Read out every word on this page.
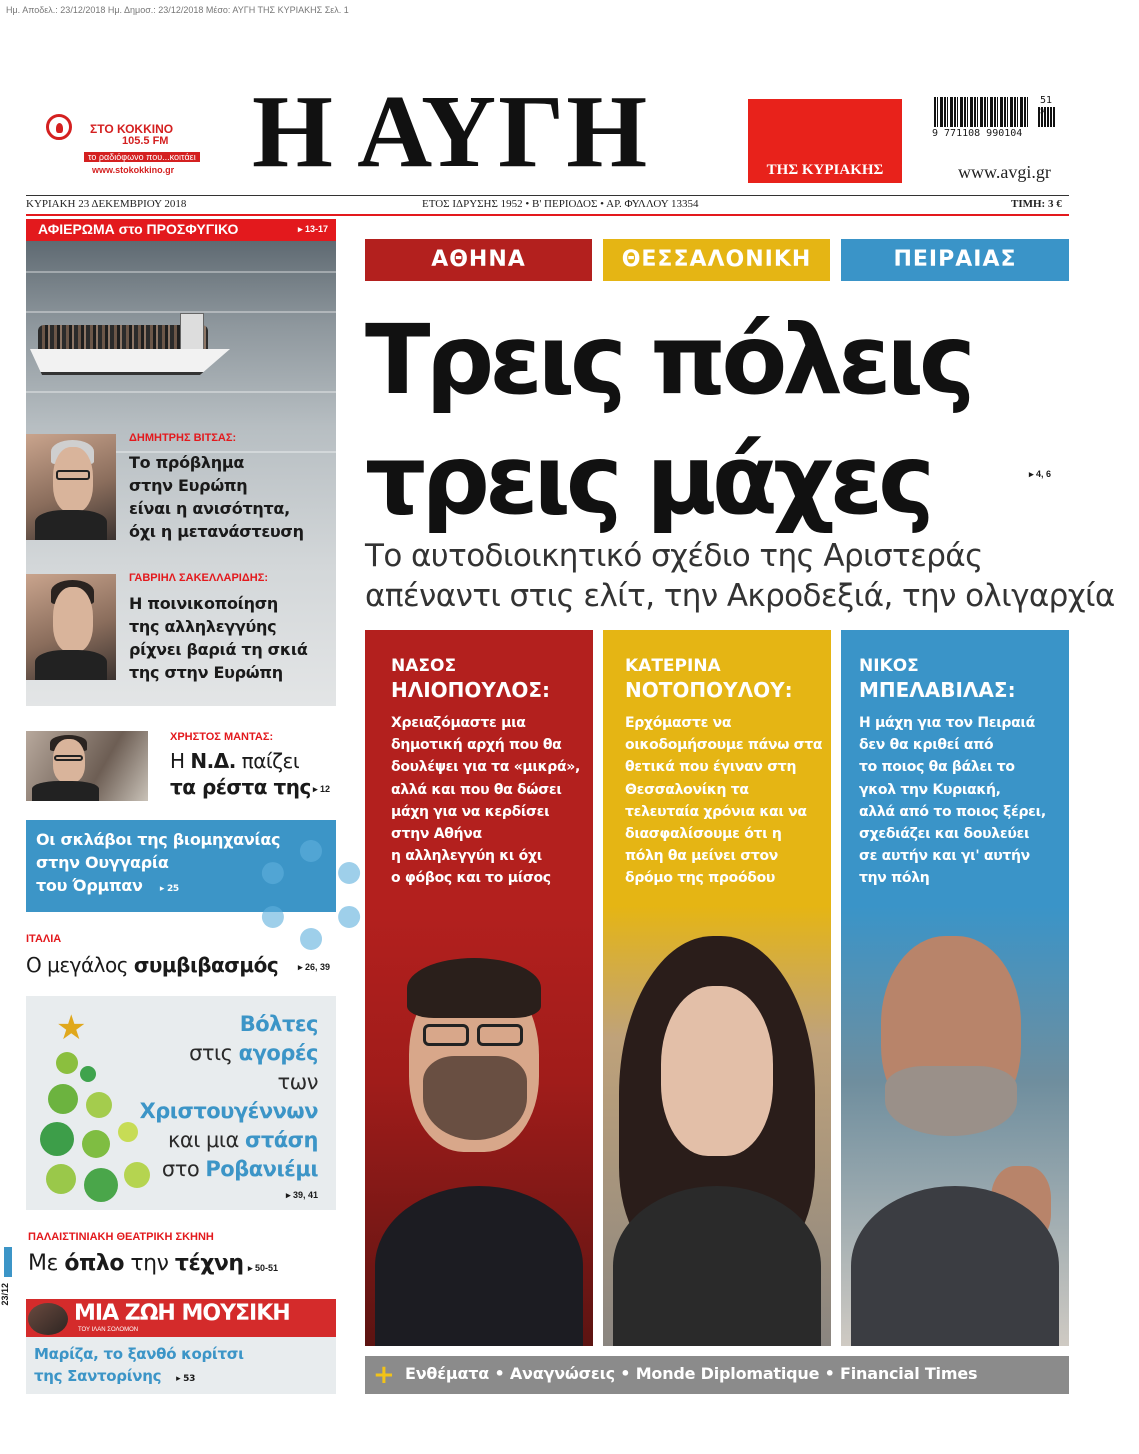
Ημ. Αποδελ.: 23/12/2018 Ημ. Δημοσ.: 23/12/2018 Μέσο: ΑΥΓΗ ΤΗΣ ΚΥΡΙΑΚΗΣ Σελ. 1
ΣΤΟ ΚΟΚΚΙΝΟ
105.5 FM
το ραδιόφωνο που...κοιτάει
www.stokokkino.gr Η ΑΥΓΗ	ΤΗΣ ΚΥΡΙΑΚΗΣ
9 771108 990104
51 >
www.avgi.gr
ΚΥΡΙΑΚΗ 23 ΔΕΚΕΜΒΡΙΟΥ 2018	ΕΤΟΣ ΙΔΡΥΣΗΣ 1952 • Β' ΠΕΡΙΟΔΟΣ • ΑΡ. ΦΥΛΛΟΥ 13354	ΤΙΜΗ: 3 €
ΑΦΙΕΡΩΜΑ στο ΠΡΟΣΦΥΓΙΚΟ	▸ 13-17
ΔΗΜΗΤΡΗΣ ΒΙΤΣΑΣ:
Το πρόβλημα
στην Ευρώπη
είναι η ανισότητα,
όχι η μετανάστευση
ΓΑΒΡΙΗΛ ΣΑΚΕΛΛΑΡΙΔΗΣ:
Η ποινικοποίηση
της αλληλεγγύης
ρίχνει βαριά τη σκιά
της στην Ευρώπη
ΧΡΗΣΤΟΣ ΜΑΝΤΑΣ:
Η Ν.Δ. παίζει
τα ρέστα της ▸ 12
Οι σκλάβοι της βιομηχανίας
στην Ουγγαρία
του Όρμπαν ▸ 25
ΙΤΑΛΙΑ
Ο μεγάλος συμβιβασμός ▸ 26, 39
★	Βόλτες
στις αγορές
των
Χριστουγέννων
και μια στάση
στο Ροβανιέμι
▸ 39, 41
ΠΑΛΑΙΣΤΙΝΙΑΚΗ ΘΕΑΤΡΙΚΗ ΣΚΗΝΗ
Με όπλο την τέχνη ▸ 50-51
ΜΙΑ ΖΩΗ ΜΟΥΣΙΚΗ
ΤΟΥ ΙΛΑΝ ΣΟΛΟΜΟΝ
Μαρίζα, το ξανθό κορίτσι
της Σαντορίνης ▸ 53
23/12
ΑΘΗΝΑ	ΘΕΣΣΑΛΟΝΙΚΗ	ΠΕΙΡΑΙΑΣ
Τρεις πόλεις
τρεις μάχες	▸ 4, 6
Το αυτοδιοικητικό σχέδιο της Αριστεράς
απέναντι στις ελίτ, την Ακροδεξιά, την ολιγαρχία
ΝΑΣΟΣ
ΗΛΙΟΠΟΥΛΟΣ:
Χρειαζόμαστε μια
δημοτική αρχή που θα
δουλέψει για τα «μικρά»,
αλλά και που θα δώσει
μάχη για να κερδίσει
στην Αθήνα
η αλληλεγγύη κι όχι
ο φόβος και το μίσος
ΚΑΤΕΡΙΝΑ
ΝΟΤΟΠΟΥΛΟΥ:
Ερχόμαστε να
οικοδομήσουμε πάνω στα
θετικά που έγιναν στη
Θεσσαλονίκη τα
τελευταία χρόνια και να
διασφαλίσουμε ότι η
πόλη θα μείνει στον
δρόμο της προόδου
ΝΙΚΟΣ
ΜΠΕΛΑΒΙΛΑΣ:
Η μάχη για τον Πειραιά
δεν θα κριθεί από
το ποιος θα βάλει το
γκολ την Κυριακή,
αλλά από το ποιος ξέρει,
σχεδιάζει και δουλεύει
σε αυτήν και γι' αυτήν
την πόλη
+ Ενθέματα • Αναγνώσεις • Monde Diplomatique • Financial Times
